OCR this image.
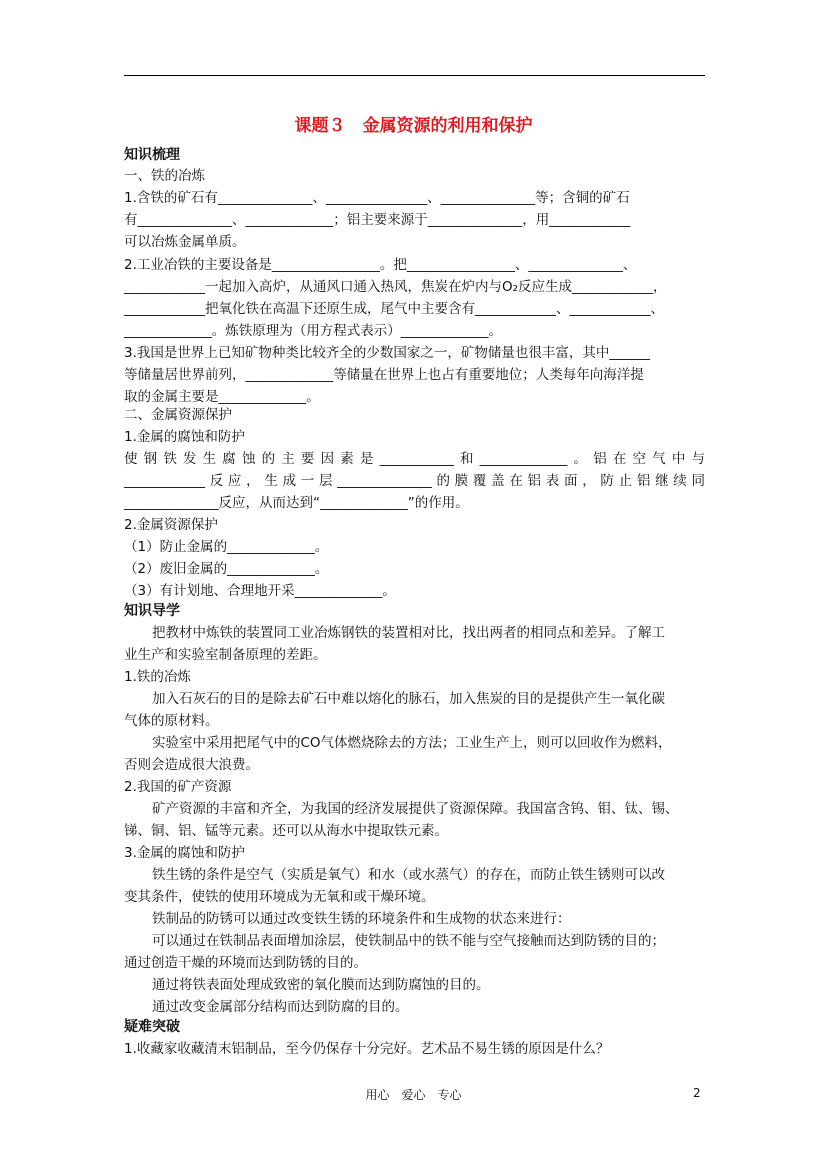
课题３　金属资源的利用和保护
知识梳理
一、铁的冶炼
1.含铁的矿石有______________、_______________、______________等；含铜的矿石
有______________、_____________；铝主要来源于______________，用____________
可以冶炼金属单质。
2.工业冶铁的主要设备是________________。把________________、______________、
____________一起加入高炉，从通风口通入热风，焦炭在炉内与O₂反应生成____________，
____________把氧化铁在高温下还原生成，尾气中主要含有____________、____________、
_____________。炼铁原理为（用方程式表示）_____________。
3.我国是世界上已知矿物种类比较齐全的少数国家之一，矿物储量也很丰富，其中______
等储量居世界前列，_____________等储量在世界上也占有重要地位；人类每年向海洋提
取的金属主要是_____________。
二、金属资源保护
1.金属的腐蚀和防护
使钢铁发生腐蚀的主要因素是___________和_____________。铝在空气中与
____________反应，生成一层______________的膜覆盖在铝表面，防止铝继续同
______________反应，从而达到“_____________”的作用。
2.金属资源保护
（1）防止金属的_____________。
（2）废旧金属的_____________。
（3）有计划地、合理地开采_____________。
知识导学
把教材中炼铁的装置同工业冶炼钢铁的装置相对比，找出两者的相同点和差异。了解工
业生产和实验室制备原理的差距。
1.铁的冶炼
加入石灰石的目的是除去矿石中难以熔化的脉石，加入焦炭的目的是提供产生一氧化碳
气体的原材料。
实验室中采用把尾气中的CO气体燃烧除去的方法；工业生产上，则可以回收作为燃料，
否则会造成很大浪费。
2.我国的矿产资源
矿产资源的丰富和齐全，为我国的经济发展提供了资源保障。我国富含钨、钼、钛、锡、
锑、铜、铝、锰等元素。还可以从海水中提取铁元素。
3.金属的腐蚀和防护
铁生锈的条件是空气（实质是氧气）和水（或水蒸气）的存在，而防止铁生锈则可以改
变其条件，使铁的使用环境成为无氧和或干燥环境。
铁制品的防锈可以通过改变铁生锈的环境条件和生成物的状态来进行：
可以通过在铁制品表面增加涂层，使铁制品中的铁不能与空气接触而达到防锈的目的；
通过创造干燥的环境而达到防锈的目的。
通过将铁表面处理成致密的氧化膜而达到防腐蚀的目的。
通过改变金属部分结构而达到防腐的目的。
疑难突破
1.收藏家收藏清末铝制品，至今仍保存十分完好。艺术品不易生锈的原因是什么？
用心　爱心　专心	2
